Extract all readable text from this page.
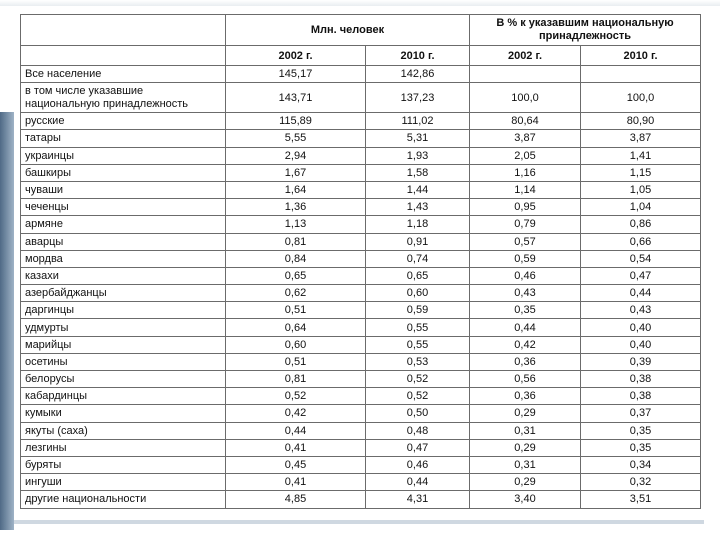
	Млн. человек		В % к указавшим национальную принадлежность	
	2002 г.	2010 г.	2002 г.	2010 г.
Все население	145,17	142,86		
в том числе указавшие национальную принадлежность	143,71	137,23	100,0	100,0
русские	115,89	111,02	80,64	80,90
татары	5,55	5,31	3,87	3,87
украинцы	2,94	1,93	2,05	1,41
башкиры	1,67	1,58	1,16	1,15
чуваши	1,64	1,44	1,14	1,05
чеченцы	1,36	1,43	0,95	1,04
армяне	1,13	1,18	0,79	0,86
аварцы	0,81	0,91	0,57	0,66
мордва	0,84	0,74	0,59	0,54
казахи	0,65	0,65	0,46	0,47
азербайджанцы	0,62	0,60	0,43	0,44
даргинцы	0,51	0,59	0,35	0,43
удмурты	0,64	0,55	0,44	0,40
марийцы	0,60	0,55	0,42	0,40
осетины	0,51	0,53	0,36	0,39
белорусы	0,81	0,52	0,56	0,38
кабардинцы	0,52	0,52	0,36	0,38
кумыки	0,42	0,50	0,29	0,37
якуты (саха)	0,44	0,48	0,31	0,35
лезгины	0,41	0,47	0,29	0,35
буряты	0,45	0,46	0,31	0,34
ингуши	0,41	0,44	0,29	0,32
другие национальности	4,85	4,31	3,40	3,51
